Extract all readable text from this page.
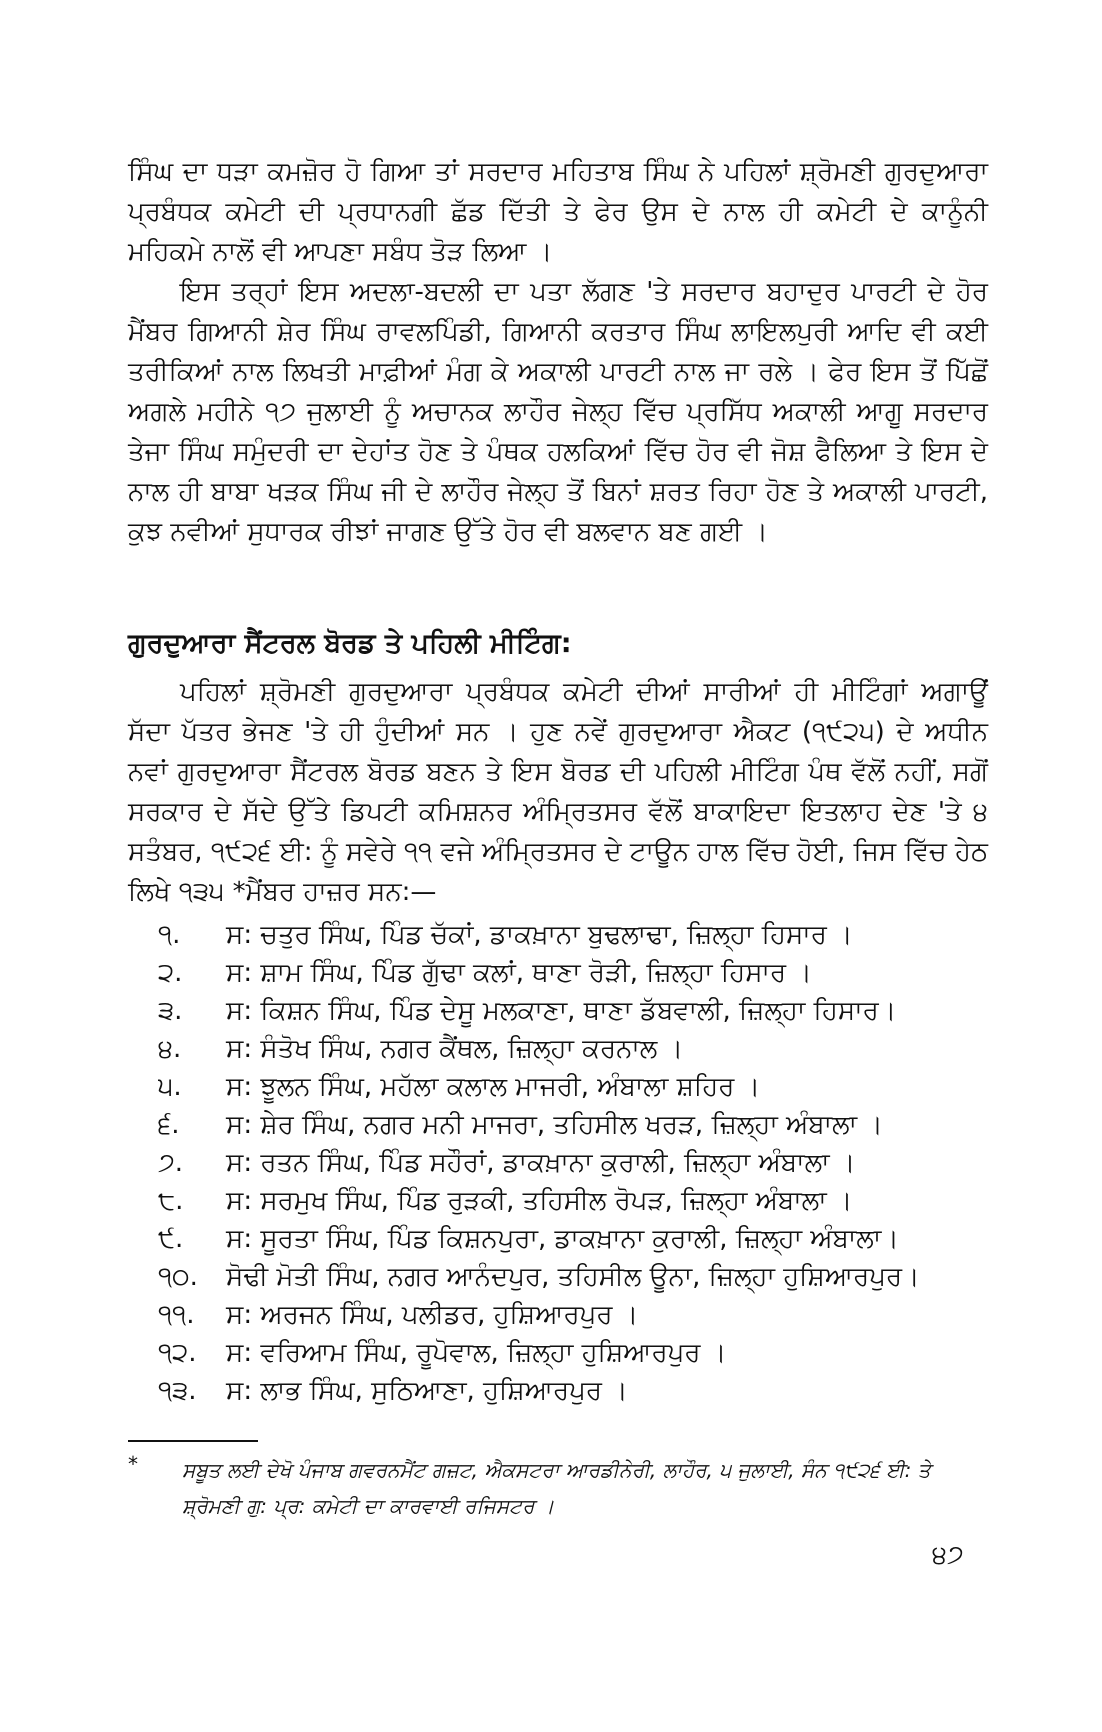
ਸਿੰਘ ਦਾ ਧੜਾ ਕਮਜ਼ੋਰ ਹੋ ਗਿਆ ਤਾਂ ਸਰਦਾਰ ਮਹਿਤਾਬ ਸਿੰਘ ਨੇ ਪਹਿਲਾਂ ਸ਼੍ਰੋਮਣੀ ਗੁਰਦੁਆਰਾ ਪ੍ਰਬੰਧਕ ਕਮੇਟੀ ਦੀ ਪ੍ਰਧਾਨਗੀ ਛੱਡ ਦਿੱਤੀ ਤੇ ਫੇਰ ਉਸ ਦੇ ਨਾਲ ਹੀ ਕਮੇਟੀ ਦੇ ਕਾਨੂੰਨੀ ਮਹਿਕਮੇ ਨਾਲੋਂ ਵੀ ਆਪਣਾ ਸਬੰਧ ਤੋੜ ਲਿਆ ।

ਇਸ ਤਰ੍ਹਾਂ ਇਸ ਅਦਲਾ-ਬਦਲੀ ਦਾ ਪਤਾ ਲੱਗਣ 'ਤੇ ਸਰਦਾਰ ਬਹਾਦੁਰ ਪਾਰਟੀ ਦੇ ਹੋਰ ਮੈਂਬਰ ਗਿਆਨੀ ਸ਼ੇਰ ਸਿੰਘ ਰਾਵਲਪਿੰਡੀ, ਗਿਆਨੀ ਕਰਤਾਰ ਸਿੰਘ ਲਾਇਲਪੁਰੀ ਆਦਿ ਵੀ ਕਈ ਤਰੀਕਿਆਂ ਨਾਲ ਲਿਖਤੀ ਮਾਫ਼ੀਆਂ ਮੰਗ ਕੇ ਅਕਾਲੀ ਪਾਰਟੀ ਨਾਲ ਜਾ ਰਲੇ । ਫੇਰ ਇਸ ਤੋਂ ਪਿੱਛੋਂ ਅਗਲੇ ਮਹੀਨੇ ੧੭ ਜੁਲਾਈ ਨੂੰ ਅਚਾਨਕ ਲਾਹੌਰ ਜੇਲ੍ਹ ਵਿੱਚ ਪ੍ਰਸਿੱਧ ਅਕਾਲੀ ਆਗੂ ਸਰਦਾਰ ਤੇਜਾ ਸਿੰਘ ਸਮੁੰਦਰੀ ਦਾ ਦੇਹਾਂਤ ਹੋਣ ਤੇ ਪੰਥਕ ਹਲਕਿਆਂ ਵਿੱਚ ਹੋਰ ਵੀ ਜੋਸ਼ ਫੈਲਿਆ ਤੇ ਇਸ ਦੇ ਨਾਲ ਹੀ ਬਾਬਾ ਖੜਕ ਸਿੰਘ ਜੀ ਦੇ ਲਾਹੌਰ ਜੇਲ੍ਹ ਤੋਂ ਬਿਨਾਂ ਸ਼ਰਤ ਰਿਹਾ ਹੋਣ ਤੇ ਅਕਾਲੀ ਪਾਰਟੀ, ਕੁਝ ਨਵੀਆਂ ਸੁਧਾਰਕ ਰੀਝਾਂ ਜਾਗਣ ਉੱਤੇ ਹੋਰ ਵੀ ਬਲਵਾਨ ਬਣ ਗਈ ।

ਗੁਰਦੁਆਰਾ ਸੈਂਟਰਲ ਬੋਰਡ ਤੇ ਪਹਿਲੀ ਮੀਟਿੰਗ:

ਪਹਿਲਾਂ ਸ਼੍ਰੋਮਣੀ ਗੁਰਦੁਆਰਾ ਪ੍ਰਬੰਧਕ ਕਮੇਟੀ ਦੀਆਂ ਸਾਰੀਆਂ ਹੀ ਮੀਟਿੰਗਾਂ ਅਗਾਊਂ ਸੱਦਾ ਪੱਤਰ ਭੇਜਣ 'ਤੇ ਹੀ ਹੁੰਦੀਆਂ ਸਨ । ਹੁਣ ਨਵੇਂ ਗੁਰਦੁਆਰਾ ਐਕਟ (੧੯੨੫) ਦੇ ਅਧੀਨ ਨਵਾਂ ਗੁਰਦੁਆਰਾ ਸੈਂਟਰਲ ਬੋਰਡ ਬਣਨ ਤੇ ਇਸ ਬੋਰਡ ਦੀ ਪਹਿਲੀ ਮੀਟਿੰਗ ਪੰਥ ਵੱਲੋਂ ਨਹੀਂ, ਸਗੋਂ ਸਰਕਾਰ ਦੇ ਸੱਦੇ ਉੱਤੇ ਡਿਪਟੀ ਕਮਿਸ਼ਨਰ ਅੰਮ੍ਰਿਤਸਰ ਵੱਲੋਂ ਬਾਕਾਇਦਾ ਇਤਲਾਹ ਦੇਣ 'ਤੇ ੪ ਸਤੰਬਰ, ੧੯੨੬ ਈ: ਨੂੰ ਸਵੇਰੇ ੧੧ ਵਜੇ ਅੰਮ੍ਰਿਤਸਰ ਦੇ ਟਾਊਨ ਹਾਲ ਵਿੱਚ ਹੋਈ, ਜਿਸ ਵਿੱਚ ਹੇਠ ਲਿਖੇ ੧੩੫ *ਮੈਂਬਰ ਹਾਜ਼ਰ ਸਨ:—

੧.	ਸ: ਚਤੁਰ ਸਿੰਘ, ਪਿੰਡ ਚੱਕਾਂ, ਡਾਕਖ਼ਾਨਾ ਬੁਢਲਾਢਾ, ਜ਼ਿਲ੍ਹਾ ਹਿਸਾਰ ।
੨.	ਸ: ਸ਼ਾਮ ਸਿੰਘ, ਪਿੰਡ ਗੁੱਢਾ ਕਲਾਂ, ਥਾਣਾ ਰੋੜੀ, ਜ਼ਿਲ੍ਹਾ ਹਿਸਾਰ ।
੩.	ਸ: ਕਿਸ਼ਨ ਸਿੰਘ, ਪਿੰਡ ਦੇਸੂ ਮਲਕਾਣਾ, ਥਾਣਾ ਡੱਬਵਾਲੀ, ਜ਼ਿਲ੍ਹਾ ਹਿਸਾਰ।
੪.	ਸ: ਸੰਤੋਖ ਸਿੰਘ, ਨਗਰ ਕੈਂਥਲ, ਜ਼ਿਲ੍ਹਾ ਕਰਨਾਲ ।
੫.	ਸ: ਝੂਲਨ ਸਿੰਘ, ਮਹੱਲਾ ਕਲਾਲ ਮਾਜਰੀ, ਅੰਬਾਲਾ ਸ਼ਹਿਰ ।
੬.	ਸ: ਸ਼ੇਰ ਸਿੰਘ, ਨਗਰ ਮਨੀ ਮਾਜਰਾ, ਤਹਿਸੀਲ ਖਰੜ, ਜ਼ਿਲ੍ਹਾ ਅੰਬਾਲਾ ।
੭.	ਸ: ਰਤਨ ਸਿੰਘ, ਪਿੰਡ ਸਹੌਰਾਂ, ਡਾਕਖ਼ਾਨਾ ਕੁਰਾਲੀ, ਜ਼ਿਲ੍ਹਾ ਅੰਬਾਲਾ ।
੮.	ਸ: ਸਰਮੁਖ ਸਿੰਘ, ਪਿੰਡ ਰੁੜਕੀ, ਤਹਿਸੀਲ ਰੋਪੜ, ਜ਼ਿਲ੍ਹਾ ਅੰਬਾਲਾ ।
੯.	ਸ: ਸੂਰਤਾ ਸਿੰਘ, ਪਿੰਡ ਕਿਸ਼ਨਪੁਰਾ, ਡਾਕਖ਼ਾਨਾ ਕੁਰਾਲੀ, ਜ਼ਿਲ੍ਹਾ ਅੰਬਾਲਾ।
੧੦.	ਸੋਢੀ ਮੋਤੀ ਸਿੰਘ, ਨਗਰ ਆਨੰਦਪੁਰ, ਤਹਿਸੀਲ ਊਨਾ, ਜ਼ਿਲ੍ਹਾ ਹੁਸ਼ਿਆਰਪੁਰ।
੧੧.	ਸ: ਅਰਜਨ ਸਿੰਘ, ਪਲੀਡਰ, ਹੁਸ਼ਿਆਰਪੁਰ ।
੧੨.	ਸ: ਵਰਿਆਮ ਸਿੰਘ, ਰੂਪੋਵਾਲ, ਜ਼ਿਲ੍ਹਾ ਹੁਸ਼ਿਆਰਪੁਰ ।
੧੩.	ਸ: ਲਾਭ ਸਿੰਘ, ਸੁਠਿਆਣਾ, ਹੁਸ਼ਿਆਰਪੁਰ ।
* ਸਬੂਤ ਲਈ ਦੇਖੋ ਪੰਜਾਬ ਗਵਰਨਮੈਂਟ ਗਜ਼ਟ, ਐਕਸਟਰਾ ਆਰਡੀਨੇਰੀ, ਲਾਹੌਰ, ੫ ਜੁਲਾਈ, ਸੰਨ ੧੯੨੬ ਈ: ਤੇ ਸ਼੍ਰੋਮਣੀ ਗੁ: ਪ੍ਰ: ਕਮੇਟੀ ਦਾ ਕਾਰਵਾਈ ਰਜਿਸਟਰ ।

੪੭
